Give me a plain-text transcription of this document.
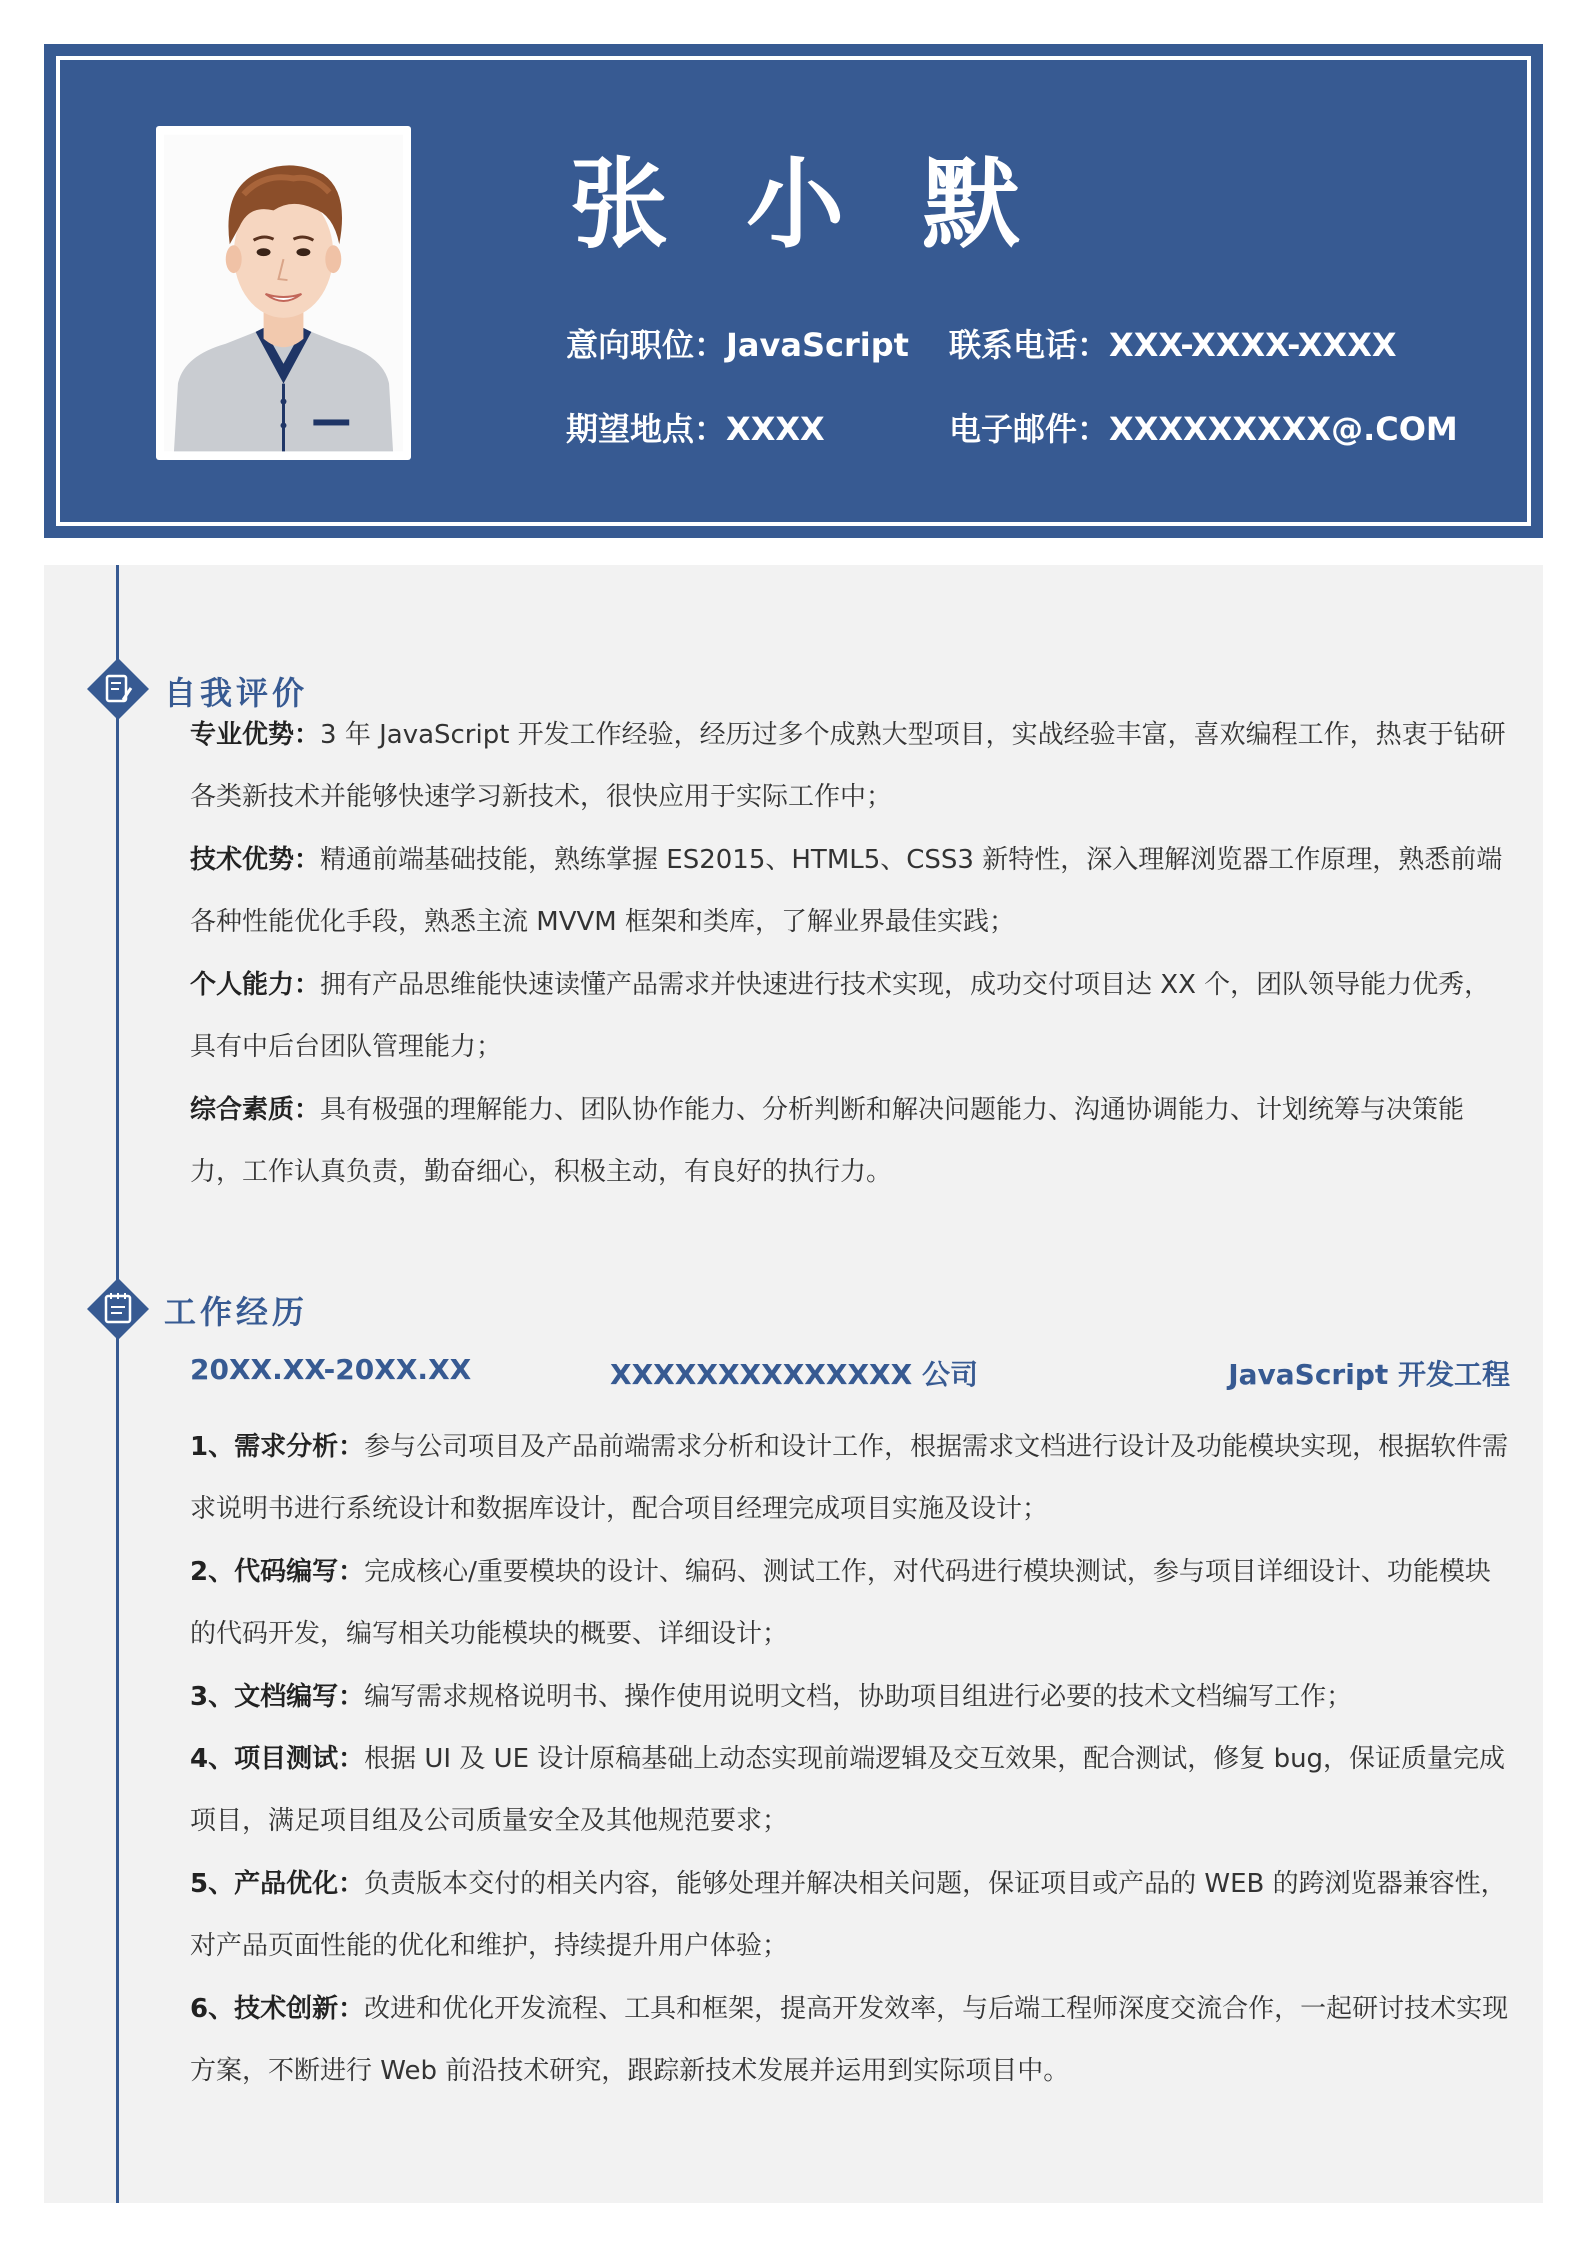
张 小 默
意向职位：JavaScript 联系电话：XXX-XXXX-XXXX
期望地点：XXXX	电子邮件：XXXXXXXXX@.COM
自我评价
专业优势：3 年 JavaScript 开发工作经验，经历过多个成熟大型项目，实战经验丰富，喜欢编程工作，热衷于钻研各类新技术并能够快速学习新技术，很快应用于实际工作中；
技术优势：精通前端基础技能，熟练掌握 ES2015、HTML5、CSS3 新特性，深入理解浏览器工作原理，熟悉前端各种性能优化手段，熟悉主流 MVVM 框架和类库，了解业界最佳实践；
个人能力：拥有产品思维能快速读懂产品需求并快速进行技术实现，成功交付项目达 XX 个，团队领导能力优秀，具有中后台团队管理能力；
综合素质：具有极强的理解能力、团队协作能力、分析判断和解决问题能力、沟通协调能力、计划统筹与决策能力，工作认真负责，勤奋细心，积极主动，有良好的执行力。
工作经历
20XX.XX-20XX.XX	XXXXXXXXXXXXXX 公司	JavaScript 开发工程
1、需求分析：参与公司项目及产品前端需求分析和设计工作，根据需求文档进行设计及功能模块实现，根据软件需求说明书进行系统设计和数据库设计，配合项目经理完成项目实施及设计；
2、代码编写：完成核心/重要模块的设计、编码、测试工作，对代码进行模块测试，参与项目详细设计、功能模块的代码开发，编写相关功能模块的概要、详细设计；
3、文档编写：编写需求规格说明书、操作使用说明文档，协助项目组进行必要的技术文档编写工作；
4、项目测试：根据 UI 及 UE 设计原稿基础上动态实现前端逻辑及交互效果，配合测试，修复 bug，保证质量完成项目，满足项目组及公司质量安全及其他规范要求；
5、产品优化：负责版本交付的相关内容，能够处理并解决相关问题，保证项目或产品的 WEB 的跨浏览器兼容性，对产品页面性能的优化和维护，持续提升用户体验；
6、技术创新：改进和优化开发流程、工具和框架，提高开发效率，与后端工程师深度交流合作，一起研讨技术实现方案，不断进行 Web 前沿技术研究，跟踪新技术发展并运用到实际项目中。
